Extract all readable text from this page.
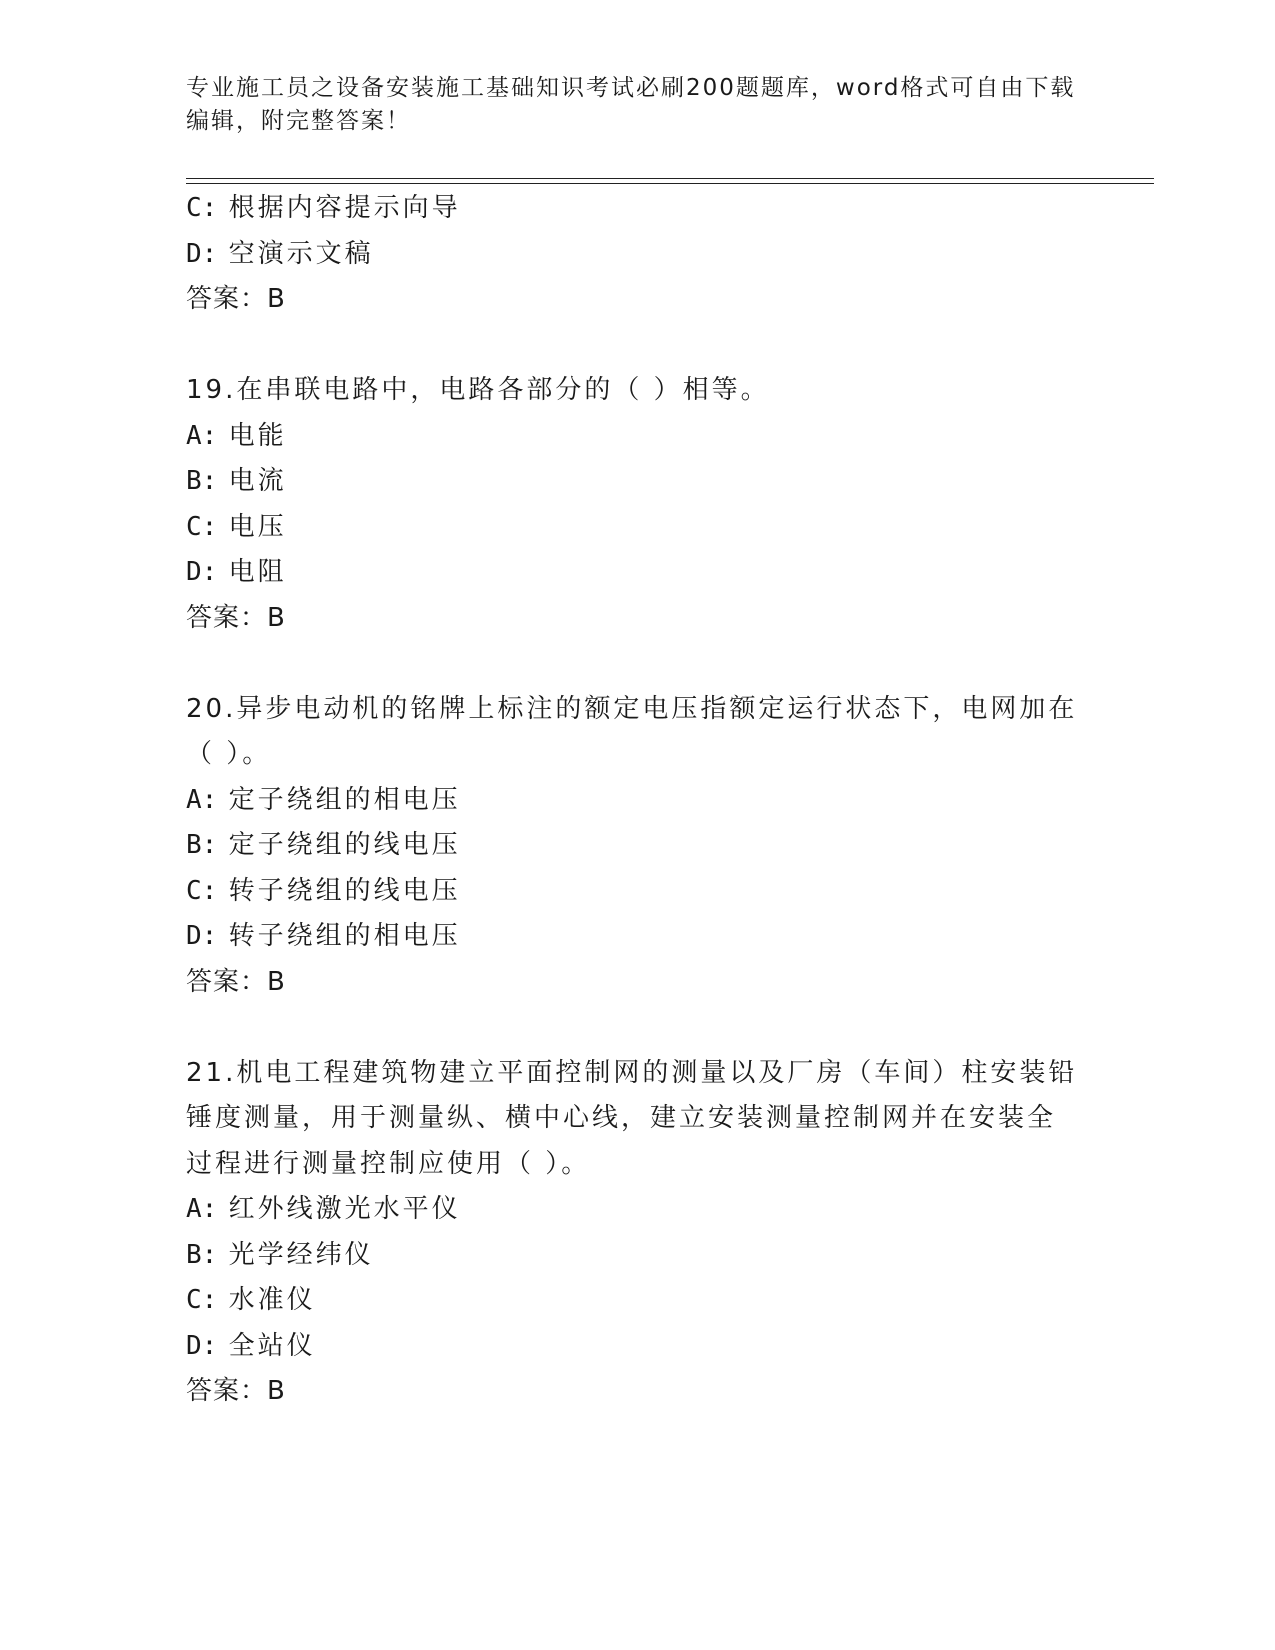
专业施工员之设备安装施工基础知识考试必刷200题题库，word格式可自由下载
编辑，附完整答案！
C: 根据内容提示向导
D: 空演示文稿
答案：B
19.在串联电路中，电路各部分的（ ）相等。
A: 电能
B: 电流
C: 电压
D: 电阻
答案：B
20.异步电动机的铭牌上标注的额定电压指额定运行状态下，电网加在
（ ）。
A: 定子绕组的相电压
B: 定子绕组的线电压
C: 转子绕组的线电压
D: 转子绕组的相电压
答案：B
21.机电工程建筑物建立平面控制网的测量以及厂房（车间）柱安装铅
锤度测量，用于测量纵、横中心线，建立安装测量控制网并在安装全
过程进行测量控制应使用（ ）。
A: 红外线激光水平仪
B: 光学经纬仪
C: 水准仪
D: 全站仪
答案：B
